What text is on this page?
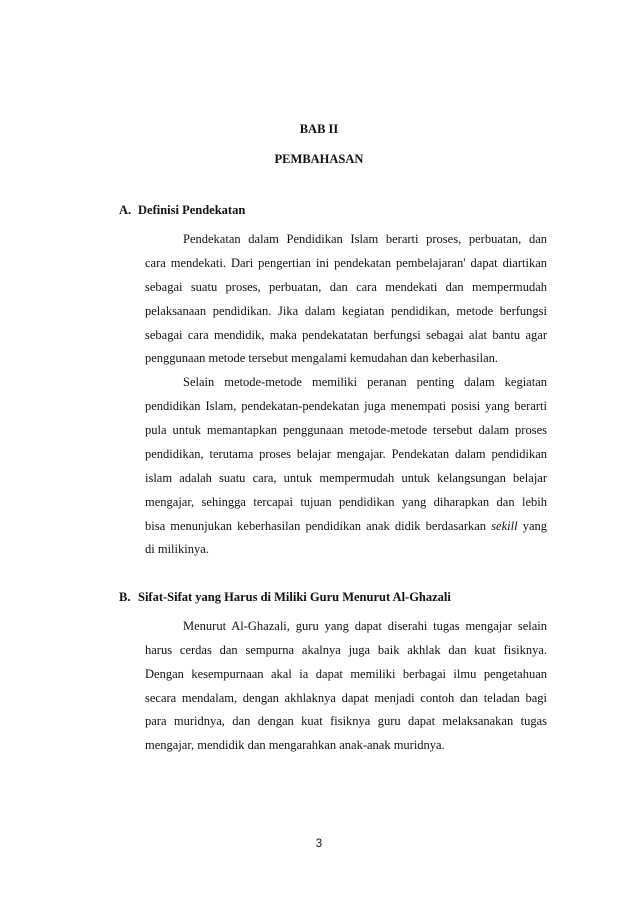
BAB II
PEMBAHASAN
A. Definisi Pendekatan
Pendekatan dalam Pendidikan Islam berarti proses, perbuatan, dan
cara mendekati. Dari pengertian ini pendekatan pembelajaran' dapat diartikan
sebagai suatu proses, perbuatan, dan cara mendekati dan mempermudah
pelaksanaan pendidikan. Jika dalam kegiatan pendidikan, metode berfungsi
sebagai cara mendidik, maka pendekatatan berfungsi sebagai alat bantu agar
penggunaan metode tersebut mengalami kemudahan dan keberhasilan.
Selain metode-metode memiliki peranan penting dalam kegiatan
pendidikan Islam, pendekatan-pendekatan juga menempati posisi yang berarti
pula untuk memantapkan penggunaan metode-metode tersebut dalam proses
pendidikan, terutama proses belajar mengajar. Pendekatan dalam pendidikan
islam adalah suatu cara, untuk mempermudah untuk kelangsungan belajar
mengajar, sehingga tercapai tujuan pendidikan yang diharapkan dan lebih
bisa menunjukan keberhasilan pendidikan anak didik berdasarkan sekill yang
di milikinya.
B. Sifat-Sifat yang Harus di Miliki Guru Menurut Al-Ghazali
Menurut Al-Ghazali, guru yang dapat diserahi tugas mengajar selain
harus cerdas dan sempurna akalnya juga baik akhlak dan kuat fisiknya.
Dengan kesempurnaan akal ia dapat memiliki berbagai ilmu pengetahuan
secara mendalam, dengan akhlaknya dapat menjadi contoh dan teladan bagi
para muridnya, dan dengan kuat fisiknya guru dapat melaksanakan tugas
mengajar, mendidik dan mengarahkan anak-anak muridnya.
3
